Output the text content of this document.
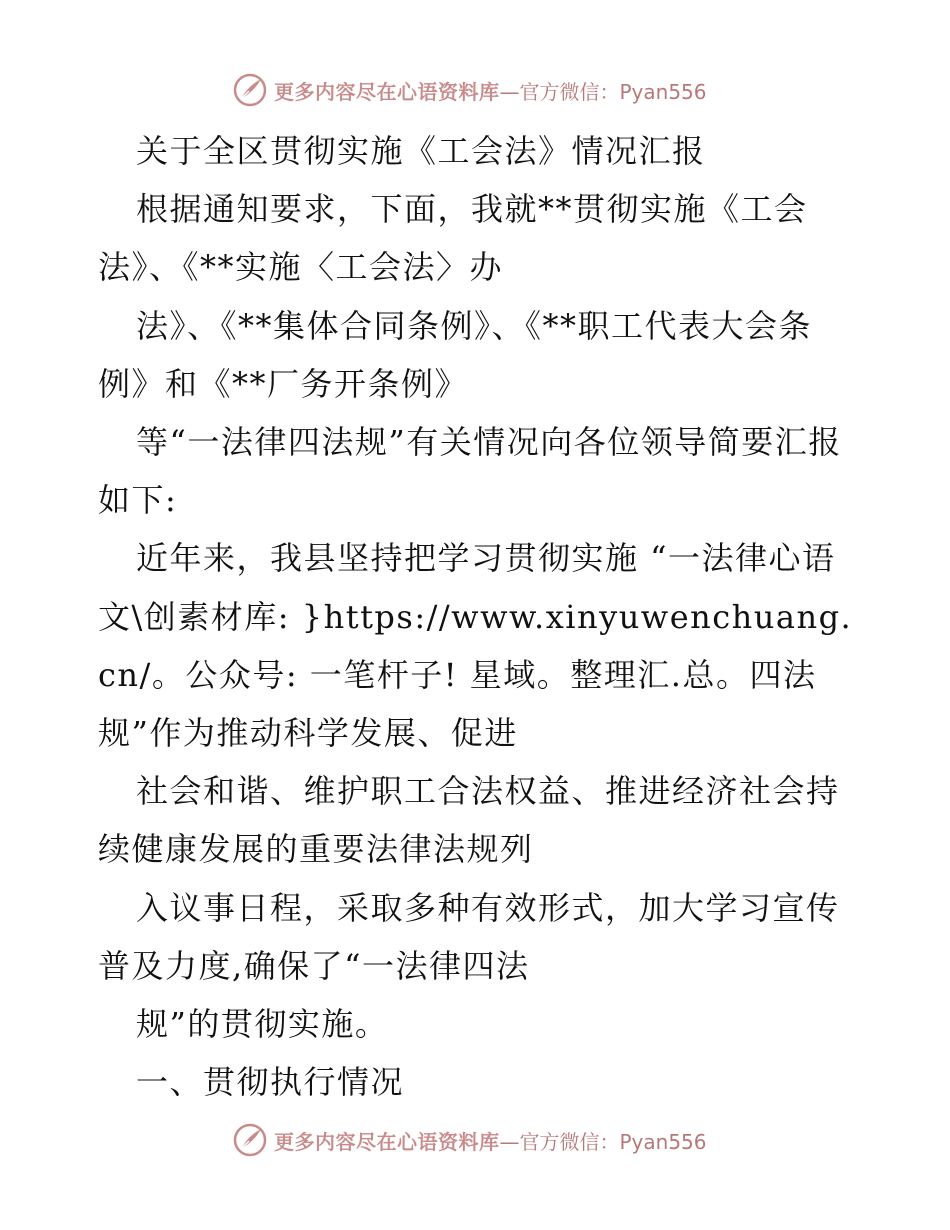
更多内容尽在心语资料库 —官方微信：Pyan556

关于全区贯彻实施《工会法》情况汇报

根据通知要求，下面，我就**贯彻实施《工会法》、《**实施〈工会法〉办

法》、《**集体合同条例》、《**职工代表大会条例》和《**厂务开条例》

等“一法律四法规”有关情况向各位领导简要汇报如下:

近年来，我县坚持把学习贯彻实施 “一法律心语文\创素材库: }https://www.xinyuwenchuang.cn/。公众号: 一笔杆子! 星域。整理汇.总。四法规”作为推动科学发展、促进

社会和谐、维护职工合法权益、推进经济社会持续健康发展的重要法律法规列

入议事日程，采取多种有效形式，加大学习宣传普及力度,确保了“一法律四法

规”的贯彻实施。

一、贯彻执行情况

更多内容尽在心语资料库 —官方微信：Pyan556
